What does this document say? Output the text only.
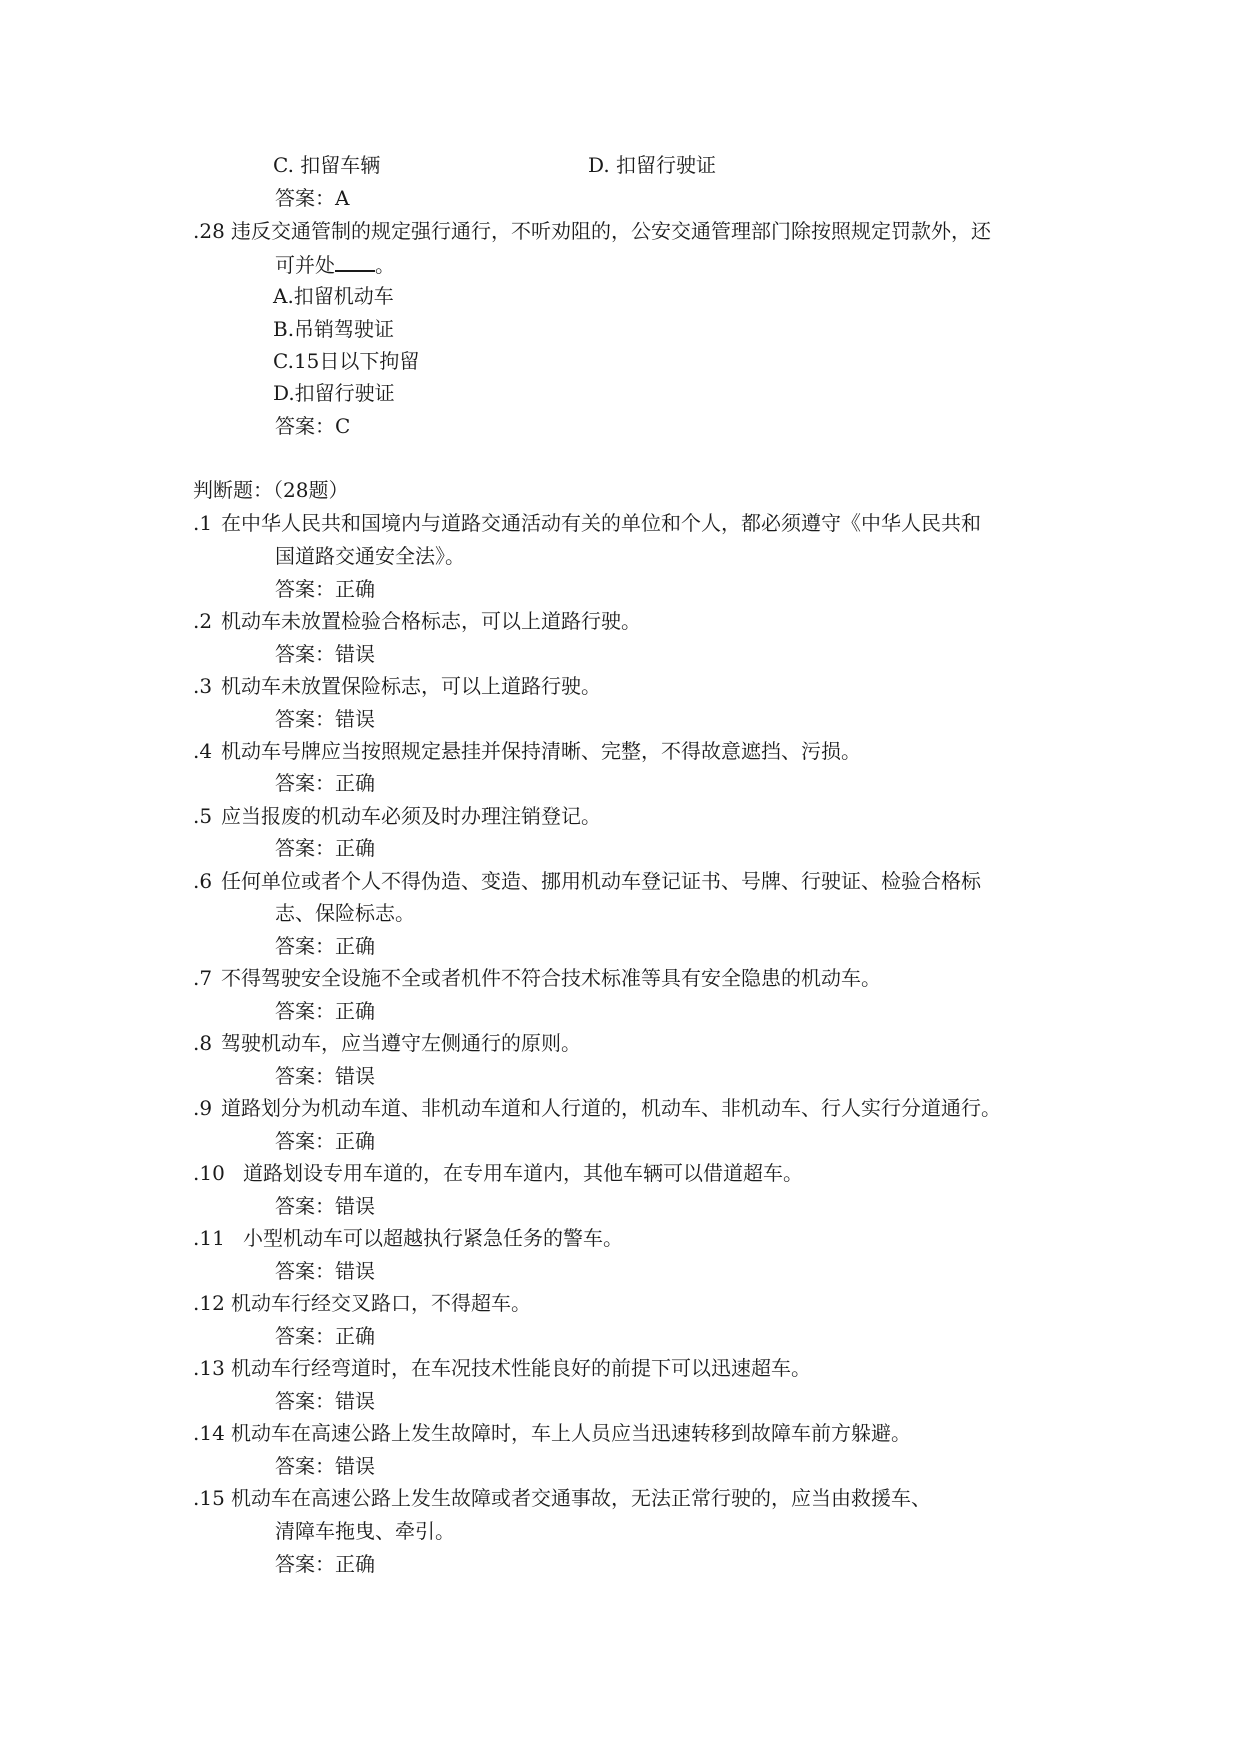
C. 扣留车辆	D. 扣留行驶证
答案：A
.28 违反交通管制的规定强行通行，不听劝阻的，公安交通管理部门除按照规定罚款外，还
可并处 。
A.扣留机动车
B.吊销驾驶证
C.15日以下拘留
D.扣留行驶证
答案：C
判断题：（28题）
.1 在中华人民共和国境内与道路交通活动有关的单位和个人，都必须遵守《中华人民共和
国道路交通安全法》。
答案：正确
.2 机动车未放置检验合格标志，可以上道路行驶。
答案：错误
.3 机动车未放置保险标志，可以上道路行驶。
答案：错误
.4 机动车号牌应当按照规定悬挂并保持清晰、完整，不得故意遮挡、污损。
答案：正确
.5 应当报废的机动车必须及时办理注销登记。
答案：正确
.6 任何单位或者个人不得伪造、变造、挪用机动车登记证书、号牌、行驶证、检验合格标
志、保险标志。
答案：正确
.7 不得驾驶安全设施不全或者机件不符合技术标准等具有安全隐患的机动车。
答案：正确
.8 驾驶机动车，应当遵守左侧通行的原则。
答案：错误
.9 道路划分为机动车道、非机动车道和人行道的，机动车、非机动车、行人实行分道通行。
答案：正确
.10 道路划设专用车道的，在专用车道内，其他车辆可以借道超车。
答案：错误
.11 小型机动车可以超越执行紧急任务的警车。
答案：错误
.12 机动车行经交叉路口，不得超车。
答案：正确
.13 机动车行经弯道时，在车况技术性能良好的前提下可以迅速超车。
答案：错误
.14 机动车在高速公路上发生故障时，车上人员应当迅速转移到故障车前方躲避。
答案：错误
.15 机动车在高速公路上发生故障或者交通事故，无法正常行驶的，应当由救援车、
清障车拖曳、牵引。
答案：正确
